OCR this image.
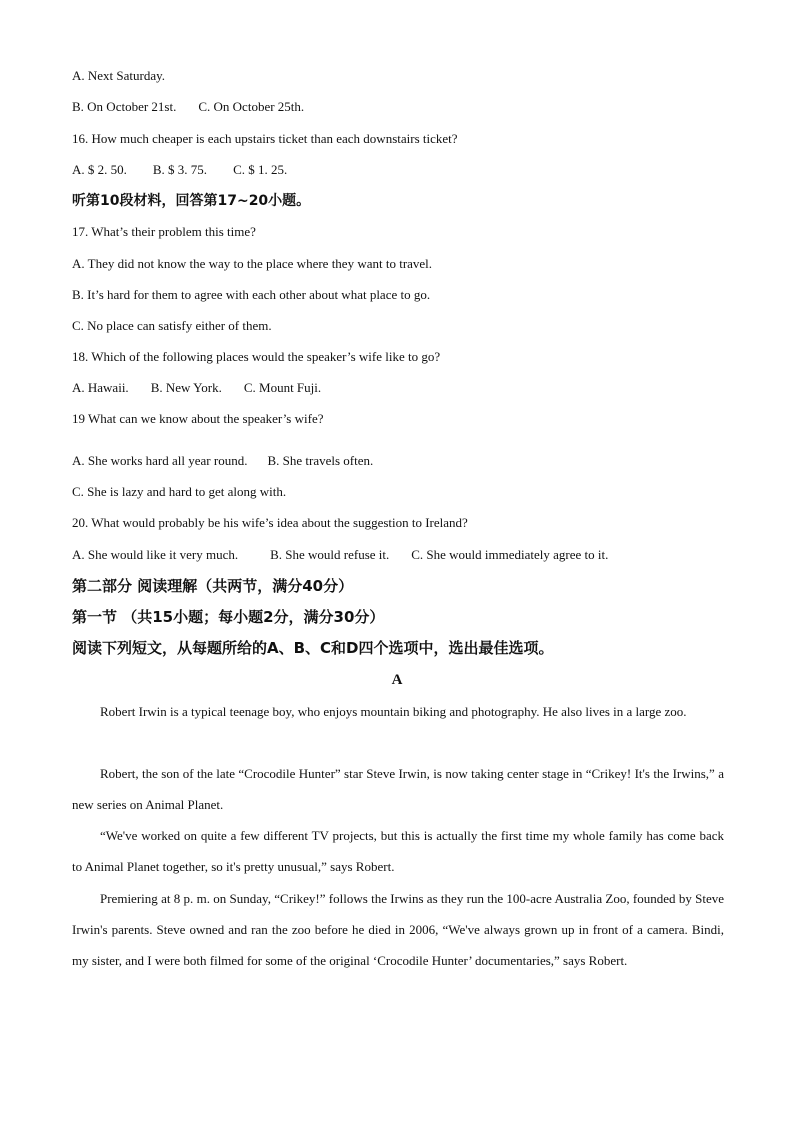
A. Next Saturday.
B. On October 21st. C. On October 25th.
16. How much cheaper is each upstairs ticket than each downstairs ticket?
A. $ 2. 50. B. $ 3. 75. C. $ 1. 25.
听第10段材料，回答第17~20小题。
17. What’s their problem this time?
A. They did not know the way to the place where they want to travel.
B. It’s hard for them to agree with each other about what place to go.
C. No place can satisfy either of them.
18. Which of the following places would the speaker’s wife like to go?
A. Hawaii. B. New York. C. Mount Fuji.
19 What can we know about the speaker’s wife?
A. She works hard all year round. B. She travels often.
C. She is lazy and hard to get along with.
20. What would probably be his wife’s idea about the suggestion to Ireland?
A. She would like it very much. B. She would refuse it. C. She would immediately agree to it.
第二部分 阅读理解（共两节，满分40分）
第一节 （共15小题；每小题2分，满分30分）
阅读下列短文，从每题所给的A、B、C和D四个选项中，选出最佳选项。
A

Robert Irwin is a typical teenage boy, who enjoys mountain biking and photography. He also lives in a large zoo.

Robert, the son of the late “Crocodile Hunter” star Steve Irwin, is now taking center stage in “Crikey! It's the Irwins,” a new series on Animal Planet.

“We've worked on quite a few different TV projects, but this is actually the first time my whole family has come back to Animal Planet together, so it's pretty unusual,” says Robert.

Premiering at 8 p. m. on Sunday, “Crikey!” follows the Irwins as they run the 100-acre Australia Zoo, founded by Steve Irwin's parents. Steve owned and ran the zoo before he died in 2006, “We've always grown up in front of a camera. Bindi, my sister, and I were both filmed for some of the original ‘Crocodile Hunter’ documentaries,” says Robert.
